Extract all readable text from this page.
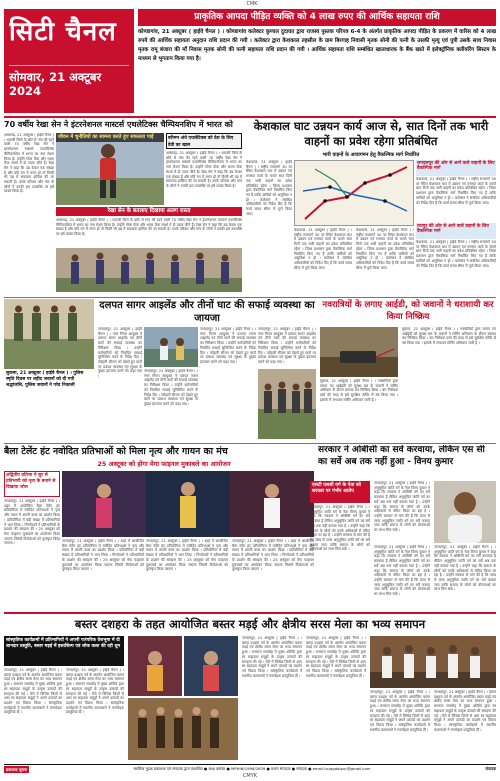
CMK
सिटी चैनल
सोमवार, 21 अक्टूबर 2024
प्राकृतिक आपदा पीड़ित व्यक्ति को 4 लाख रुपए की आर्थिक सहायता राशि
कोण्डागांव, 21 अक्टूबर ( हाईवे चैनल ) । कोण्डागांव कलेक्टर कुणाल दुदावत द्वारा राजस्व पुस्तक परिपत्र 6-4 के अंतर्गत प्राकृतिक आपदा पीड़ित के प्रकरण में वारिस को 4 लाख रुपये की आर्थिक सहायता अनुदान राशि प्रदान की गयी । कलेक्टर द्वारा केशकाल तहसील के ग्राम बिरगाह निवासी मृतक सोनी की पत्नी के उसकी मृत्यु एवं पुत्री उसके साथ निवास मृतक रामू बंजारा की माँ निवास मृतक सोनी की पत्नी सहायता राशि प्रदान की गयी । आर्थिक सहायता राशि सम्बंधित खाताधारक के बैंक खाते में इलेक्ट्रॉनिक क्लीयरिंग सिस्टम के माध्यम से भुगतान किया गया है।
70 वर्षीय रेखा सेन ने इंटरनेशनल मास्टर्स एथलेटिक्स चैम्पियनशिप में भारत को
अम्बागढ़, 21 अक्टूबर ( हाईवे चैनल ) । धमतरी जिले के छोटे से गांव की रहने वाली 70 वर्षीय रेखा सेन ने इंटरनेशनल मास्टर्स एथलेटिक्स चैम्पियनशिप में भारत का नाम रोशन किया है। उन्होंने गोला फेंक और भाला फेंक स्पर्धा में दो पदक जीते हैं। रेखा सेन ने कहा कि उम्र केवल एक संख्या है और यदि मन में लगन हो तो किसी भी उम्र में सफलता हासिल की जा सकती है। उनके परिवार और गांव के लोगों ने उनकी इस उपलब्धि पर हर्ष व्यक्त किया है।
जीवन में चुनौतियों का सामना करते हुए सफलता पाई	बरिमन अंधे एथलेटिक्स को देश के लिए देवी का खास
अम्बागढ़, 21 अक्टूबर ( हाईवे चैनल ) । धमतरी जिले के छोटे से गांव की रहने वाली 70 वर्षीय रेखा सेन ने इंटरनेशनल मास्टर्स एथलेटिक्स चैम्पियनशिप में भारत का नाम रोशन किया है। उन्होंने गोला फेंक और भाला फेंक स्पर्धा में दो पदक जीते हैं। रेखा सेन ने कहा कि उम्र केवल एक संख्या है और यदि मन में लगन हो तो किसी भी उम्र में सफलता हासिल की जा सकती है। उनके परिवार और गांव के लोगों ने उनकी इस उपलब्धि पर हर्ष व्यक्त किया है।
रेखा सेन के बतलाए दिखाया अलग रास्ता
अम्बागढ़, 21 अक्टूबर ( हाईवे चैनल ) । धमतरी जिले के छोटे से गांव की रहने वाली 70 वर्षीय रेखा सेन ने इंटरनेशनल मास्टर्स एथलेटिक्स चैम्पियनशिप में भारत का नाम रोशन किया है। उन्होंने गोला फेंक और भाला फेंक स्पर्धा में दो पदक जीते हैं। रेखा सेन ने कहा कि उम्र केवल एक संख्या है और यदि मन में लगन हो तो किसी भी उम्र में सफलता हासिल की जा सकती है। उनके परिवार और गांव के लोगों ने उनकी इस उपलब्धि पर हर्ष व्यक्त किया है।
केशकाल घाट उन्नयन कार्य आज से, सात दिनों तक भारी वाहनों का प्रवेश रहेगा प्रतिबंधित
भारी वाहनों के आवागमन हेतु वैकल्पिक मार्ग निर्धारित
केशकाल, 21 अक्टूबर ( हाईवे चैनल ) । राष्ट्रीय राजमार्ग 30 पर स्थित केशकाल घाट में उन्नयन एवं मरम्मत कार्य के चलते सात दिनों तक भारी वाहनों का प्रवेश प्रतिबंधित रहेगा । जिला प्रशासन द्वारा वैकल्पिक मार्ग निर्धारित किए गए हैं ताकि यात्रियों को असुविधा न हो । कलेक्टर ने संबंधित अधिकारियों को निर्देश दिए हैं कि कार्य समय सीमा में पूर्ण किया जाए।
केशकाल, 21 अक्टूबर ( हाईवे चैनल ) । राष्ट्रीय राजमार्ग 30 पर स्थित केशकाल घाट में उन्नयन एवं मरम्मत कार्य के चलते सात दिनों तक भारी वाहनों का प्रवेश प्रतिबंधित रहेगा । जिला प्रशासन द्वारा वैकल्पिक मार्ग निर्धारित किए गए हैं ताकि यात्रियों को असुविधा न हो । कलेक्टर ने संबंधित अधिकारियों को निर्देश दिए हैं कि कार्य समय सीमा में पूर्ण किया जाए।
केशकाल, 21 अक्टूबर ( हाईवे चैनल ) । राष्ट्रीय राजमार्ग 30 पर स्थित केशकाल घाट में उन्नयन एवं मरम्मत कार्य के चलते सात दिनों तक भारी वाहनों का प्रवेश प्रतिबंधित रहेगा । जिला प्रशासन द्वारा वैकल्पिक मार्ग निर्धारित किए गए हैं ताकि यात्रियों को असुविधा न हो । कलेक्टर ने संबंधित अधिकारियों को निर्देश दिए हैं कि कार्य समय सीमा में पूर्ण किया जाए।
जगदलपुर की ओर से आने वाले वाहनों के लिए वैकल्पिक मार्ग
केशकाल, 21 अक्टूबर ( हाईवे चैनल ) । राष्ट्रीय राजमार्ग 30 पर स्थित केशकाल घाट में उन्नयन एवं मरम्मत कार्य के चलते सात दिनों तक भारी वाहनों का प्रवेश प्रतिबंधित रहेगा । जिला प्रशासन द्वारा वैकल्पिक मार्ग निर्धारित किए गए हैं ताकि यात्रियों को असुविधा न हो । कलेक्टर ने संबंधित अधिकारियों को निर्देश दिए हैं कि कार्य समय सीमा में पूर्ण किया जाए।
रायपुर की ओर से आने वाले वाहनों के लिए वैकल्पिक मार्ग
केशकाल, 21 अक्टूबर ( हाईवे चैनल ) । राष्ट्रीय राजमार्ग 30 पर स्थित केशकाल घाट में उन्नयन एवं मरम्मत कार्य के चलते सात दिनों तक भारी वाहनों का प्रवेश प्रतिबंधित रहेगा । जिला प्रशासन द्वारा वैकल्पिक मार्ग निर्धारित किए गए हैं ताकि यात्रियों को असुविधा न हो । कलेक्टर ने संबंधित अधिकारियों को निर्देश दिए हैं कि कार्य समय सीमा में पूर्ण किया जाए।
सुकमा, 21 अक्टूबर ( हाईवे चैनल ) । पुलिस स्मृति दिवस पर शहीद जवानों को दी गयी श्रद्धांजलि, पुलिस जवानों ने परेड निकाली
दलपत सागर आइलेंड और तीनों घाट की सफाई व्यवस्था का जायजा
जगदलपुर, 21 अक्टूबर ( हाईवे चैनल ) । नगर निगम आयुक्त ने दलपत सागर आइलेंड एवं तीनों घाटों की सफाई व्यवस्था का निरीक्षण किया । उन्होंने कर्मचारियों को नियमित सफाई सुनिश्चित करने के निर्देश दिए । त्योहारी सीजन को देखते हुए घाटों पर प्रकाश व्यवस्था एवं सुरक्षा के पुख्ता इंतजाम करने को कहा गया ।
जगदलपुर, 21 अक्टूबर ( हाईवे चैनल ) । नगर निगम आयुक्त ने दलपत सागर आइलेंड एवं तीनों घाटों की सफाई व्यवस्था का निरीक्षण किया । उन्होंने कर्मचारियों को नियमित सफाई सुनिश्चित करने के निर्देश दिए । त्योहारी सीजन को देखते हुए घाटों पर प्रकाश व्यवस्था एवं सुरक्षा के पुख्ता इंतजाम करने को कहा गया ।
जगदलपुर, 21 अक्टूबर ( हाईवे चैनल ) । नगर निगम आयुक्त ने दलपत सागर आइलेंड एवं तीनों घाटों की सफाई व्यवस्था का निरीक्षण किया । उन्होंने कर्मचारियों को नियमित सफाई सुनिश्चित करने के निर्देश दिए । त्योहारी सीजन को देखते हुए घाटों पर प्रकाश व्यवस्था एवं सुरक्षा के पुख्ता इंतजाम करने को कहा गया ।
जगदलपुर, 21 अक्टूबर ( हाईवे चैनल ) । नगर निगम आयुक्त ने दलपत सागर आइलेंड एवं तीनों घाटों की सफाई व्यवस्था का निरीक्षण किया । उन्होंने कर्मचारियों को नियमित सफाई सुनिश्चित करने के निर्देश दिए । त्योहारी सीजन को देखते हुए घाटों पर प्रकाश व्यवस्था एवं सुरक्षा के पुख्ता इंतजाम करने को कहा गया ।
नवरात्रियों के लगाए आईडी, को जवानों ने धराशायी कर किया निष्क्रिय
सुकमा, 21 अक्टूबर ( हाईवे चैनल ) । नक्सलियों द्वारा लगाए गए आईईडी को सुरक्षा बल के जवानों ने सर्चिंग अभियान के दौरान बरामद कर निष्क्रिय किया । बम निरोधक दस्ते की मदद से इसे सुरक्षित तरीके से नष्ट किया गया । इलाके में लगातार सर्चिंग अभियान जारी है ।
सुकमा, 21 अक्टूबर ( हाईवे चैनल ) । नक्सलियों द्वारा लगाए गए आईईडी को सुरक्षा बल के जवानों ने सर्चिंग अभियान के दौरान बरामद कर निष्क्रिय किया । बम निरोधक दस्ते की मदद से इसे सुरक्षित तरीके से नष्ट किया गया । इलाके में लगातार सर्चिंग अभियान जारी है ।
बैला टेलेंट हंट नवोदित प्रतिभाओं को मिला नृत्य और गायन का मंच
25 अक्टूबर को होगा मेगा फाइनल मुकाबले का आयोजन
अद्वितीय प्रतिभा ने सुर से प्रतिभागी को नृत्य के बनाने से दिखाया जोश
जगदलपुर, 21 अक्टूबर ( हाईवे चैनल ) । शहर में आयोजित बैला टेलेंट हंट प्रतियोगिता में नवोदित प्रतिभाओं ने नृत्य और गायन में अपनी कला का प्रदर्शन किया । प्रतियोगिता में बड़ी संख्या में प्रतिभागियों ने भाग लिया । निर्णायकों ने प्रतिभागियों के प्रदर्शन की सराहना की । 25 अक्टूबर को मेगा फाइनल मुकाबले का आयोजन किया जाएगा जिसमें विजेताओं को पुरस्कृत किया जाएगा ।
जगदलपुर, 21 अक्टूबर ( हाईवे चैनल ) । शहर में आयोजित बैला टेलेंट हंट प्रतियोगिता में नवोदित प्रतिभाओं ने नृत्य और गायन में अपनी कला का प्रदर्शन किया । प्रतियोगिता में बड़ी संख्या में प्रतिभागियों ने भाग लिया । निर्णायकों ने प्रतिभागियों के प्रदर्शन की सराहना की । 25 अक्टूबर को मेगा फाइनल मुकाबले का आयोजन किया जाएगा जिसमें विजेताओं को पुरस्कृत किया जाएगा ।
जगदलपुर, 21 अक्टूबर ( हाईवे चैनल ) । शहर में आयोजित बैला टेलेंट हंट प्रतियोगिता में नवोदित प्रतिभाओं ने नृत्य और गायन में अपनी कला का प्रदर्शन किया । प्रतियोगिता में बड़ी संख्या में प्रतिभागियों ने भाग लिया । निर्णायकों ने प्रतिभागियों के प्रदर्शन की सराहना की । 25 अक्टूबर को मेगा फाइनल मुकाबले का आयोजन किया जाएगा जिसमें विजेताओं को पुरस्कृत किया जाएगा ।
जगदलपुर, 21 अक्टूबर ( हाईवे चैनल ) । शहर में आयोजित बैला टेलेंट हंट प्रतियोगिता में नवोदित प्रतिभाओं ने नृत्य और गायन में अपनी कला का प्रदर्शन किया । प्रतियोगिता में बड़ी संख्या में प्रतिभागियों ने भाग लिया । निर्णायकों ने प्रतिभागियों के प्रदर्शन की सराहना की । 25 अक्टूबर को मेगा फाइनल मुकाबले का आयोजन किया जाएगा जिसमें विजेताओं को पुरस्कृत किया जाएगा ।
सरकार ने ओबीसी का सर्वे करवाया, लेकिन एस सी का सर्वे अब तक नहीं हुआ - विनय कुमार
एसटी एससी वर्ग के नेता को सरकार पर गंभीर आरोप
जगदलपुर, 21 अक्टूबर ( हाईवे चैनल ) । अनुसूचित जाति वर्ग के नेता विनय कुमार ने कहा कि सरकार ने ओबीसी वर्ग का सर्वे करवाया है लेकिन अनुसूचित जाति वर्ग का सर्वे अब तक नहीं कराया गया है । उन्होंने कहा कि समाज के लोगों को उनके अधिकारों से वंचित किया जा रहा है । उन्होंने सरकार से मांग की है कि जल्द से जल्द अनुसूचित जाति वर्ग का सर्वे कराया जाए ताकि समाज के लोगों को योजनाओं का लाभ मिल सके ।
जगदलपुर, 21 अक्टूबर ( हाईवे चैनल ) । अनुसूचित जाति वर्ग के नेता विनय कुमार ने कहा कि सरकार ने ओबीसी वर्ग का सर्वे करवाया है लेकिन अनुसूचित जाति वर्ग का सर्वे अब तक नहीं कराया गया है । उन्होंने कहा कि समाज के लोगों को उनके अधिकारों से वंचित किया जा रहा है । उन्होंने सरकार से मांग की है कि जल्द से जल्द अनुसूचित जाति वर्ग का सर्वे कराया जाए ताकि समाज के लोगों को योजनाओं का लाभ मिल सके ।
जगदलपुर, 21 अक्टूबर ( हाईवे चैनल ) । अनुसूचित जाति वर्ग के नेता विनय कुमार ने कहा कि सरकार ने ओबीसी वर्ग का सर्वे करवाया है लेकिन अनुसूचित जाति वर्ग का सर्वे अब तक नहीं कराया गया है । उन्होंने कहा कि समाज के लोगों को उनके अधिकारों से वंचित किया जा रहा है । उन्होंने सरकार से मांग की है कि जल्द से जल्द अनुसूचित जाति वर्ग का सर्वे कराया जाए ताकि समाज के लोगों को योजनाओं का लाभ मिल सके ।
जगदलपुर, 21 अक्टूबर ( हाईवे चैनल ) । अनुसूचित जाति वर्ग के नेता विनय कुमार ने कहा कि सरकार ने ओबीसी वर्ग का सर्वे करवाया है लेकिन अनुसूचित जाति वर्ग का सर्वे अब तक नहीं कराया गया है । उन्होंने कहा कि समाज के लोगों को उनके अधिकारों से वंचित किया जा रहा है । उन्होंने सरकार से मांग की है कि जल्द से जल्द अनुसूचित जाति वर्ग का सर्वे कराया जाए ताकि समाज के लोगों को योजनाओं का लाभ मिल सके ।
बस्तर दशहरा के तहत आयोजित बस्तर मड़ई और क्षेत्रीय सरस मेला का भव्य समापन
सांस्कृतिक कार्यक्रमों में प्रतिभागियों ने अपनी पारंपरिक वेशभूषा में दी शानदार प्रस्तुति, बस्तर मड़ई में हस्तशिल्प एवं लोक कला की रही धूम
जगदलपुर, 21 अक्टूबर ( हाईवे चैनल ) । बस्तर दशहरा पर्व के अंतर्गत आयोजित बस्तर मड़ई एवं क्षेत्रीय सरस मेला का भव्य समापन हुआ । समापन समारोह में मुख्य अतिथि द्वारा स्व सहायता समूहों के उत्कृष्ट उत्पादों की सराहना की गई । मेले में विभिन्न जिलों से आए स्व सहायता समूहों ने अपने उत्पादों का प्रदर्शन एवं विक्रय किया । सांस्कृतिक कार्यक्रमों में स्थानीय कलाकारों ने मनमोहक प्रस्तुतियां दीं ।
जगदलपुर, 21 अक्टूबर ( हाईवे चैनल ) । बस्तर दशहरा पर्व के अंतर्गत आयोजित बस्तर मड़ई एवं क्षेत्रीय सरस मेला का भव्य समापन हुआ । समापन समारोह में मुख्य अतिथि द्वारा स्व सहायता समूहों के उत्कृष्ट उत्पादों की सराहना की गई । मेले में विभिन्न जिलों से आए स्व सहायता समूहों ने अपने उत्पादों का प्रदर्शन एवं विक्रय किया । सांस्कृतिक कार्यक्रमों में स्थानीय कलाकारों ने मनमोहक प्रस्तुतियां दीं ।
जगदलपुर, 21 अक्टूबर ( हाईवे चैनल ) । बस्तर दशहरा पर्व के अंतर्गत आयोजित बस्तर मड़ई एवं क्षेत्रीय सरस मेला का भव्य समापन हुआ । समापन समारोह में मुख्य अतिथि द्वारा स्व सहायता समूहों के उत्कृष्ट उत्पादों की सराहना की गई । मेले में विभिन्न जिलों से आए स्व सहायता समूहों ने अपने उत्पादों का प्रदर्शन एवं विक्रय किया । सांस्कृतिक कार्यक्रमों में स्थानीय कलाकारों ने मनमोहक प्रस्तुतियां दीं ।
जगदलपुर, 21 अक्टूबर ( हाईवे चैनल ) । बस्तर दशहरा पर्व के अंतर्गत आयोजित बस्तर मड़ई एवं क्षेत्रीय सरस मेला का भव्य समापन हुआ । समापन समारोह में मुख्य अतिथि द्वारा स्व सहायता समूहों के उत्कृष्ट उत्पादों की सराहना की गई । मेले में विभिन्न जिलों से आए स्व सहायता समूहों ने अपने उत्पादों का प्रदर्शन एवं विक्रय किया । सांस्कृतिक कार्यक्रमों में स्थानीय कलाकारों ने मनमोहक प्रस्तुतियां दीं ।
जगदलपुर, 21 अक्टूबर ( हाईवे चैनल ) । बस्तर दशहरा पर्व के अंतर्गत आयोजित बस्तर मड़ई एवं क्षेत्रीय सरस मेला का भव्य समापन हुआ । समापन समारोह में मुख्य अतिथि द्वारा स्व सहायता समूहों के उत्कृष्ट उत्पादों की सराहना की गई । मेले में विभिन्न जिलों से आए स्व सहायता समूहों ने अपने उत्पादों का प्रदर्शन एवं विक्रय किया । सांस्कृतिक कार्यक्रमों में स्थानीय कलाकारों ने मनमोहक प्रस्तुतियां दीं ।
जगदलपुर, 21 अक्टूबर ( हाईवे चैनल ) । बस्तर दशहरा पर्व के अंतर्गत आयोजित बस्तर मड़ई एवं क्षेत्रीय सरस मेला का भव्य समापन हुआ । समापन समारोह में मुख्य अतिथि द्वारा स्व सहायता समूहों के उत्कृष्ट उत्पादों की सराहना की गई । मेले में विभिन्न जिलों से आए स्व सहायता समूहों ने अपने उत्पादों का प्रदर्शन एवं विक्रय किया । सांस्कृतिक कार्यक्रमों में स्थानीय कलाकारों ने मनमोहक प्रस्तुतियां दीं ।
प्रकाशक सूचना	स्वामित्व मुद्रक प्रकाशक एवं संपादक द्वारा प्रकाशित ● RNI क्रमांक ● MPHIN/1996/2639 ● प्रधान संपादक ● संपादक ● email-hcjagdalpur@gmail.com	संपादक
CMYK
